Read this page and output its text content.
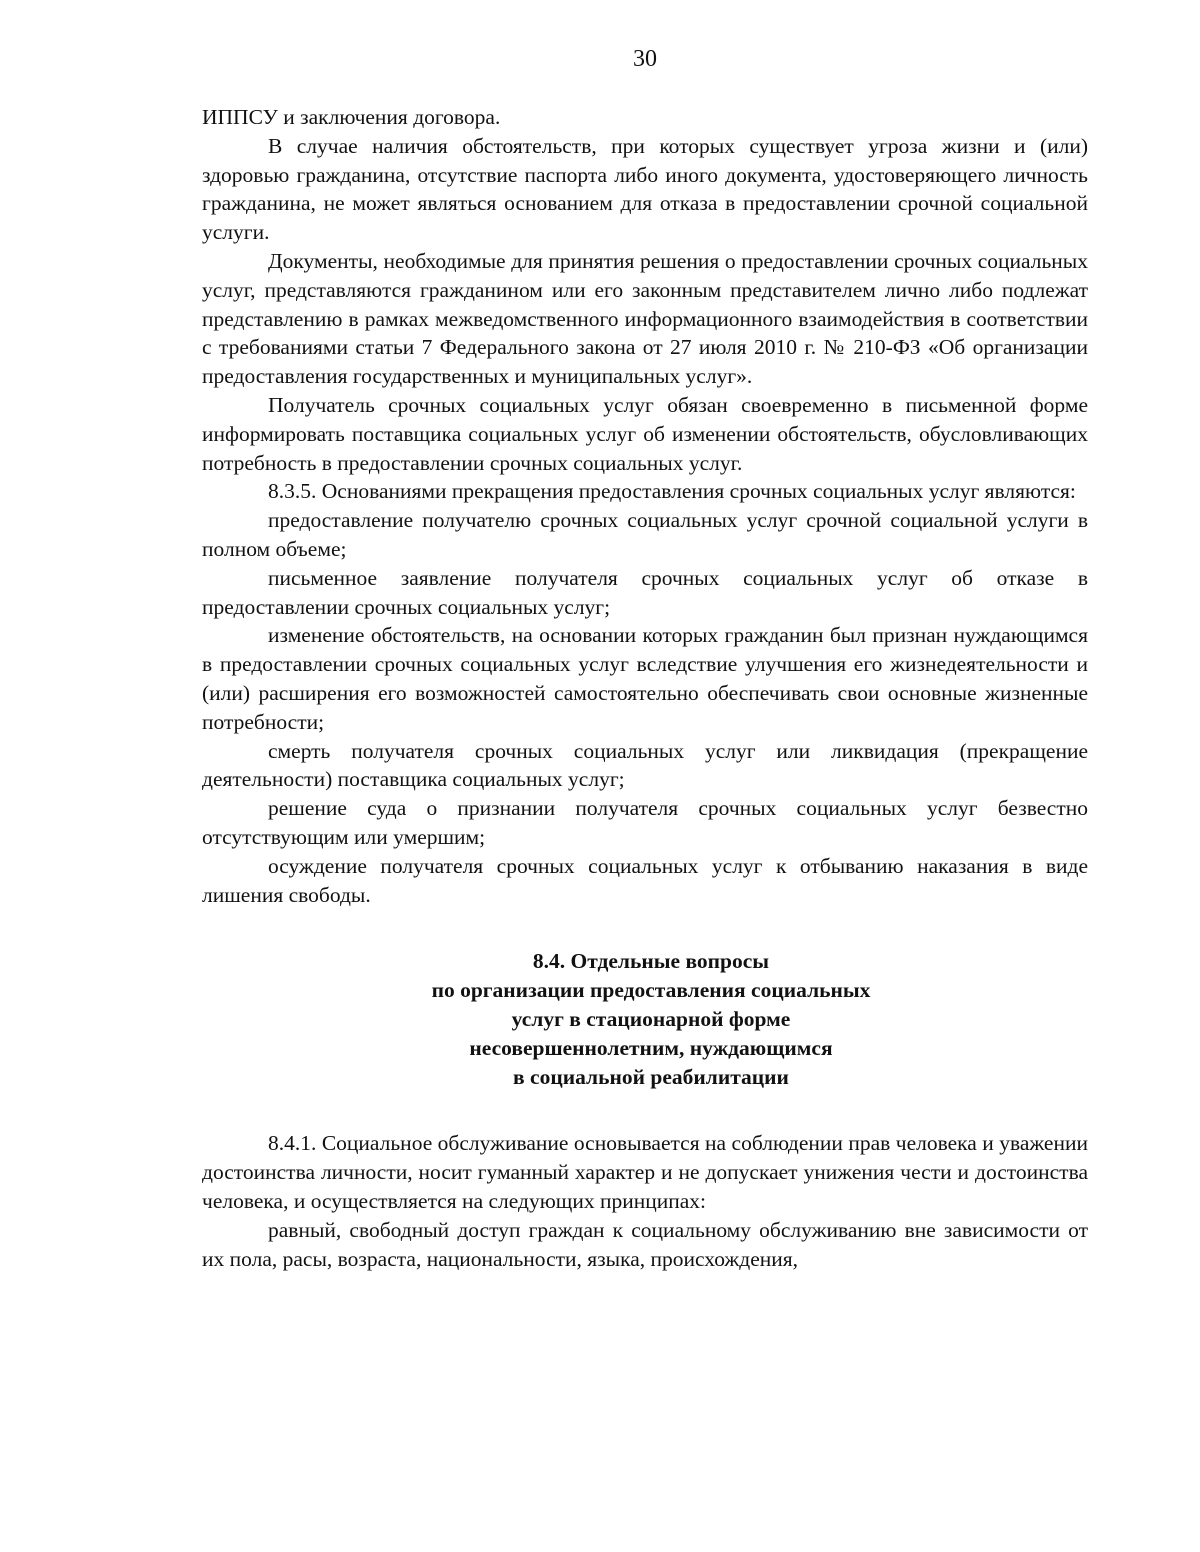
30

ИППСУ и заключения договора.

В случае наличия обстоятельств, при которых существует угроза жизни и (или) здоровью гражданина, отсутствие паспорта либо иного документа, удостоверяющего личность гражданина, не может являться основанием для отказа в предоставлении срочной социальной услуги.

Документы, необходимые для принятия решения о предоставлении срочных социальных услуг, представляются гражданином или его законным представителем лично либо подлежат представлению в рамках межведомственного информационного взаимодействия в соответствии с требованиями статьи 7 Федерального закона от 27 июля 2010 г. № 210-ФЗ «Об организации предоставления государственных и муниципальных услуг».

Получатель срочных социальных услуг обязан своевременно в письменной форме информировать поставщика социальных услуг об изменении обстоятельств, обусловливающих потребность в предоставлении срочных социальных услуг.

8.3.5. Основаниями прекращения предоставления срочных социальных услуг являются:

предоставление получателю срочных социальных услуг срочной социальной услуги в полном объеме;

письменное заявление получателя срочных социальных услуг об отказе в предоставлении срочных социальных услуг;

изменение обстоятельств, на основании которых гражданин был признан нуждающимся в предоставлении срочных социальных услуг вследствие улучшения его жизнедеятельности и (или) расширения его возможностей самостоятельно обеспечивать свои основные жизненные потребности;

смерть получателя срочных социальных услуг или ликвидация (прекращение деятельности) поставщика социальных услуг;

решение суда о признании получателя срочных социальных услуг безвестно отсутствующим или умершим;

осуждение получателя срочных социальных услуг к отбыванию наказания в виде лишения свободы.

8.4. Отдельные вопросы
по организации предоставления социальных
услуг в стационарной форме
несовершеннолетним, нуждающимся
в социальной реабилитации

8.4.1. Социальное обслуживание основывается на соблюдении прав человека и уважении достоинства личности, носит гуманный характер и не допускает унижения чести и достоинства человека, и осуществляется на следующих принципах:

равный, свободный доступ граждан к социальному обслуживанию вне зависимости от их пола, расы, возраста, национальности, языка, происхождения,
